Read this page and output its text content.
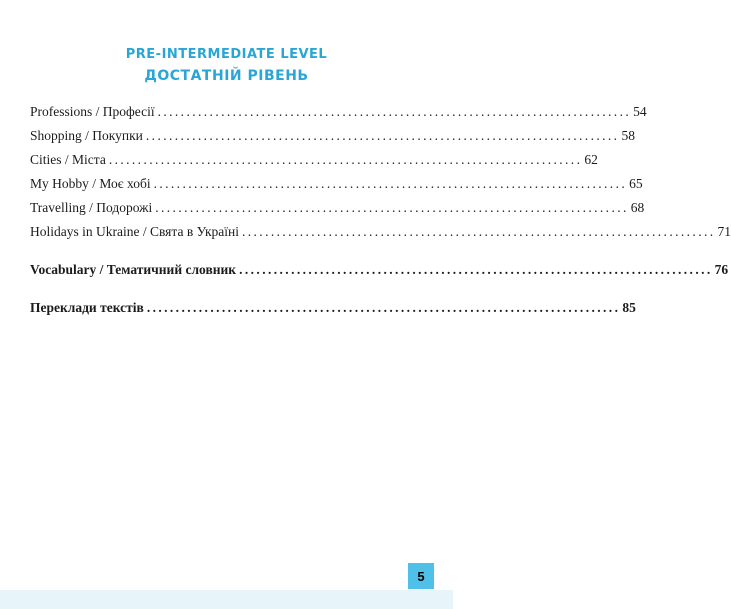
PRE-INTERMEDIATE LEVEL
ДОСТАТНІЙ РІВЕНЬ
Professions / Професії .................................................................................. 54
Shopping / Покупки .................................................................................. 58
Cities / Міста .................................................................................. 62
My Hobby / Моє хобі .................................................................................. 65
Travelling / Подорожі .................................................................................. 68
Holidays in Ukraine / Свята в Україні .................................................................................. 71
Vocabulary / Тематичний словник .................................................................................. 76
Переклади текстів .................................................................................. 85
5
